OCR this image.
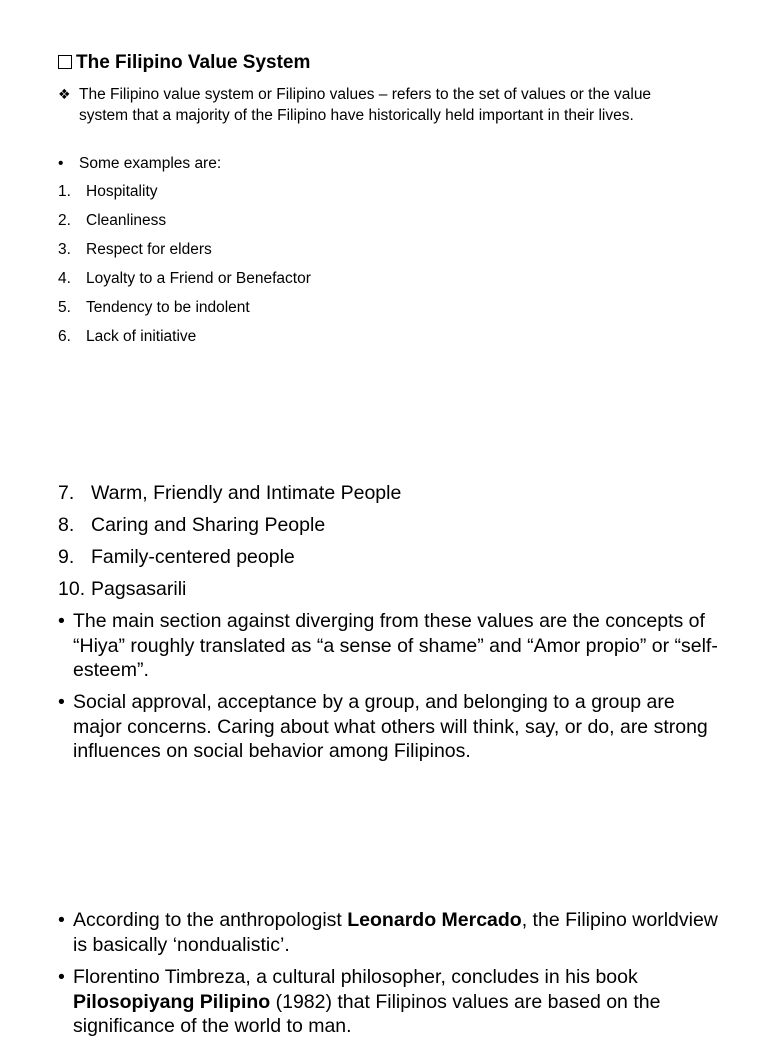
The Filipino Value System
❖ The Filipino value system or Filipino values – refers to the set of values or the value system that a majority of the Filipino have historically held important in their lives.
• Some examples are:
1. Hospitality
2. Cleanliness
3. Respect for elders
4. Loyalty to a Friend or Benefactor
5. Tendency to be indolent
6. Lack of initiative
7. Warm, Friendly and Intimate People
8. Caring and Sharing People
9. Family-centered people
10. Pagsasarili
• The main section against diverging from these values are the concepts of “Hiya” roughly translated as “a sense of shame” and “Amor propio” or “self-esteem”.
• Social approval, acceptance by a group, and belonging to a group are major concerns. Caring about what others will think, say, or do, are strong influences on social behavior among Filipinos.
• According to the anthropologist Leonardo Mercado, the Filipino worldview is basically ‘nondualistic’.
• Florentino Timbreza, a cultural philosopher, concludes in his book Pilosopiyang Pilipino (1982) that Filipinos values are based on the significance of the world to man.
